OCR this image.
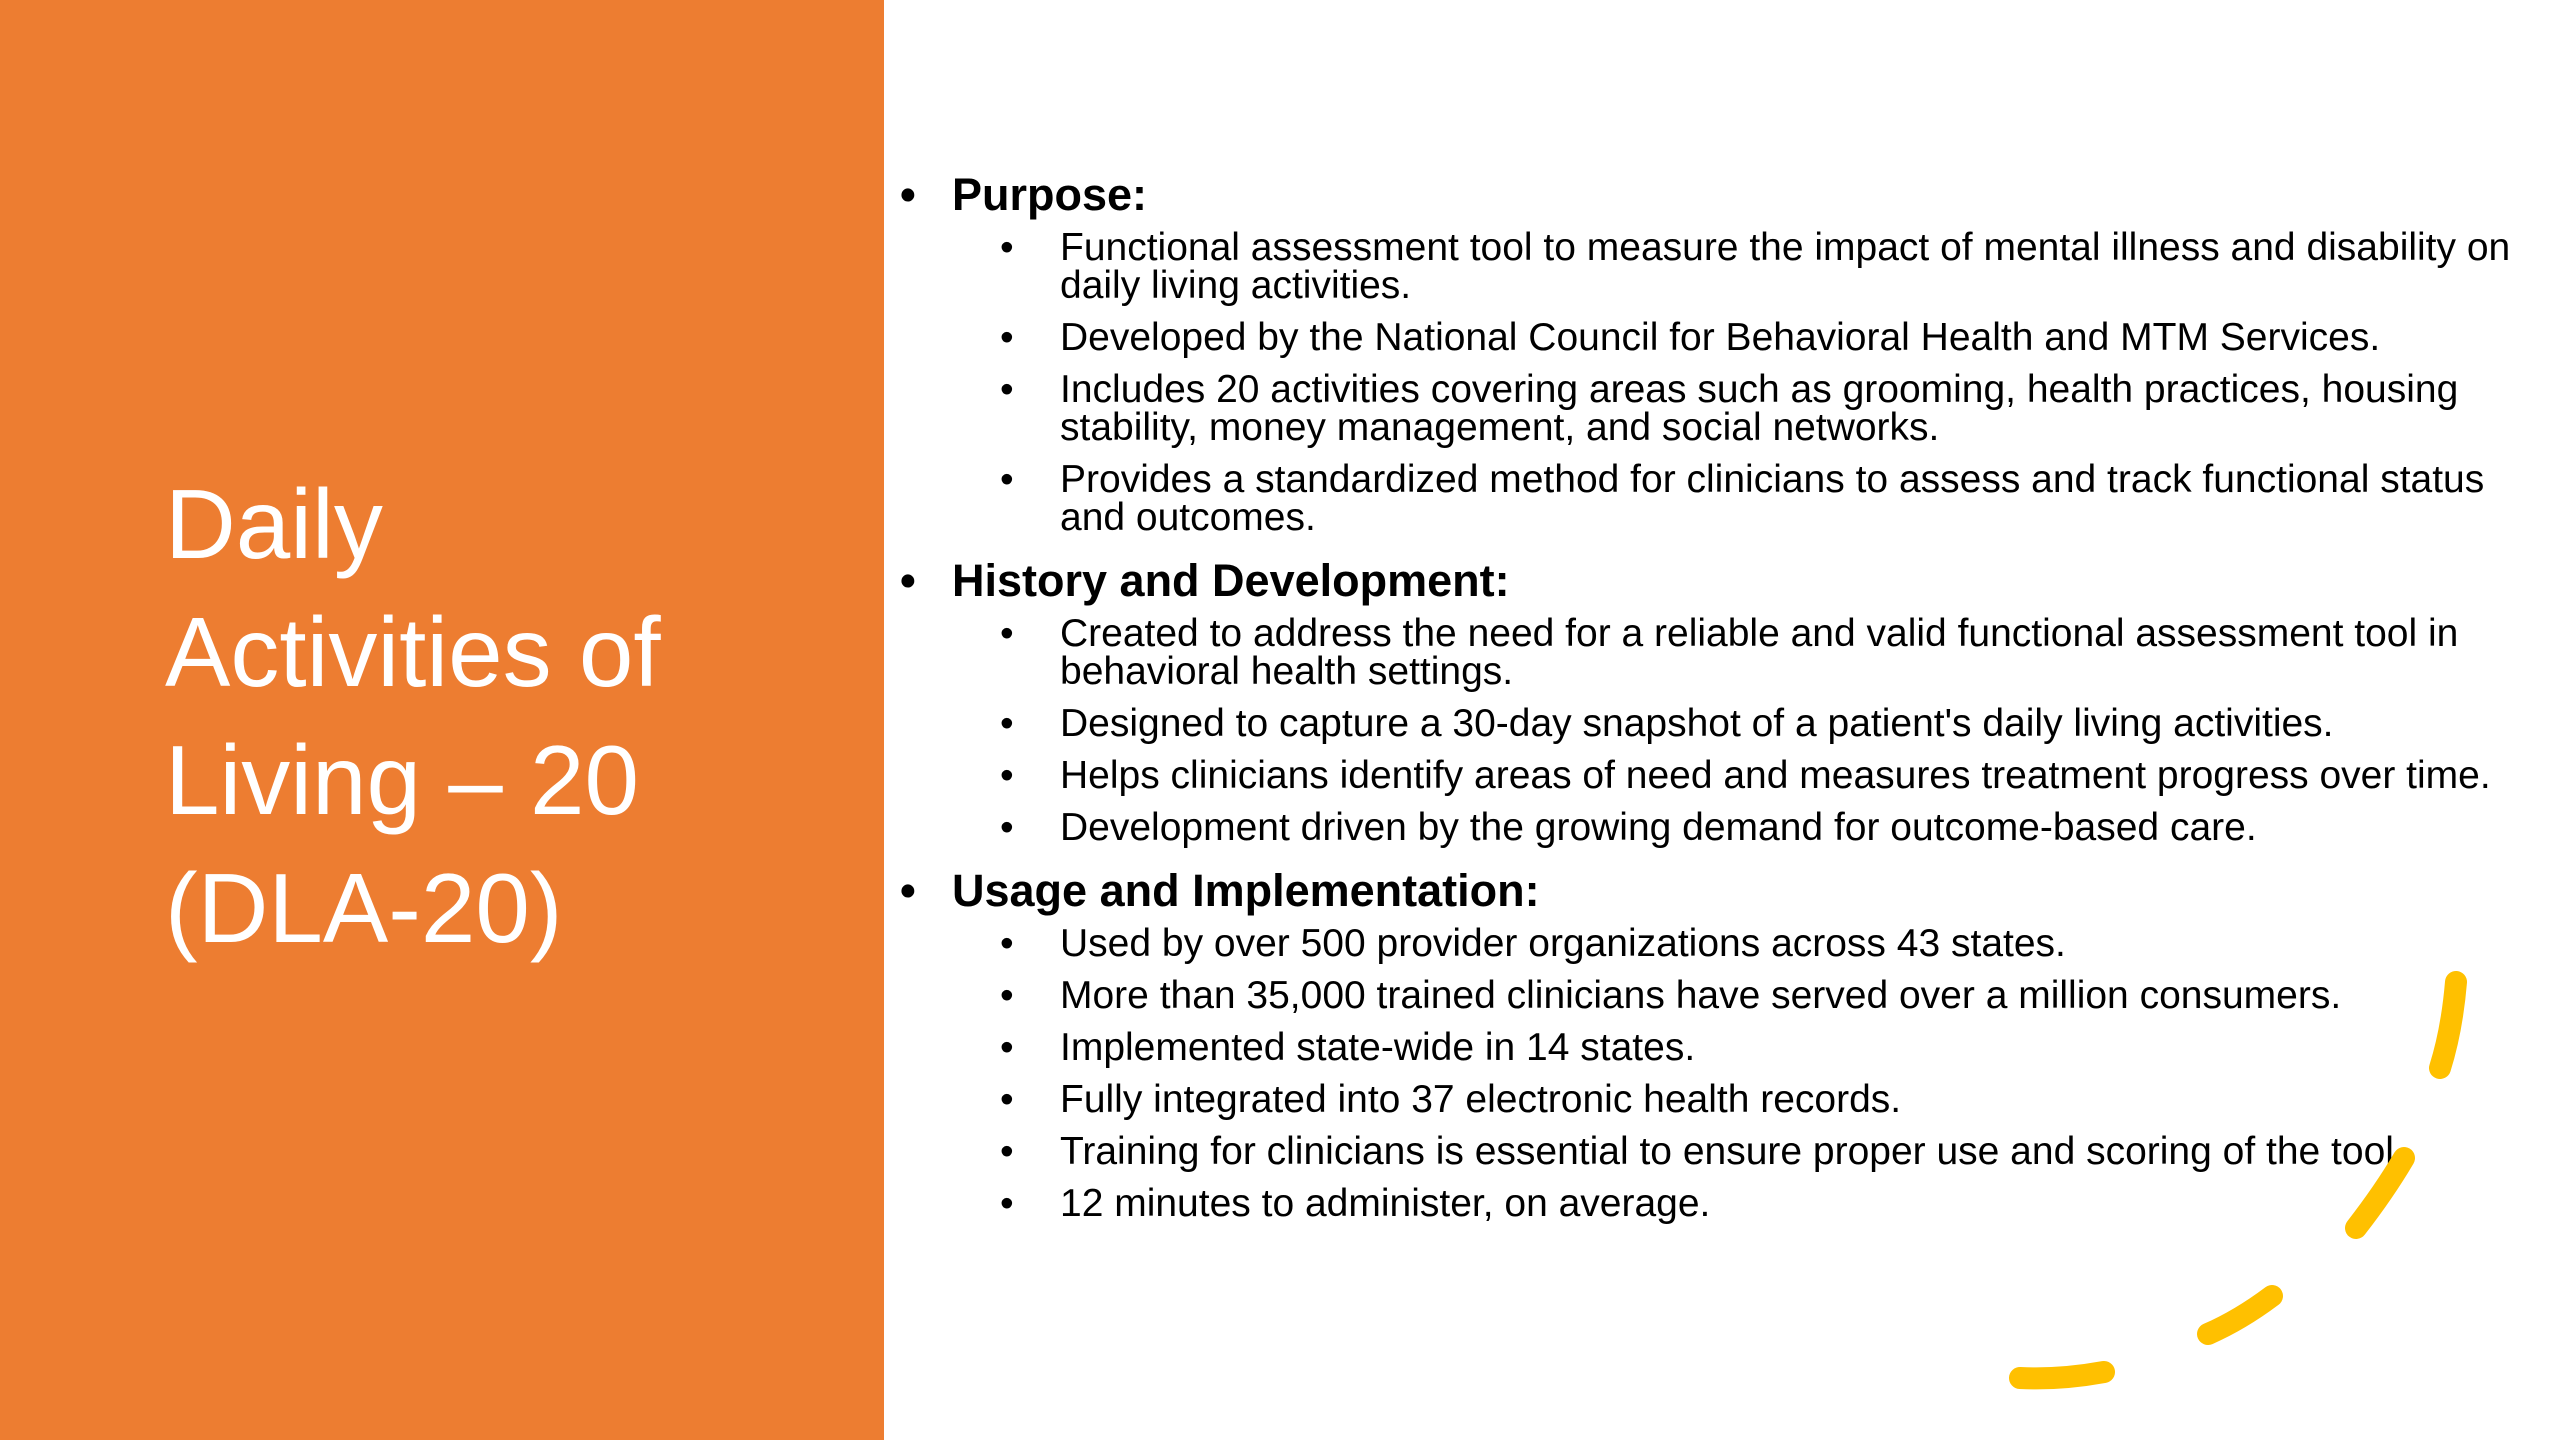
Daily
Activities of
Living – 20
(DLA-20)
• Purpose:
• Functional assessment tool to measure the impact of mental illness and disability on daily living activities.
• Developed by the National Council for Behavioral Health and MTM Services.
• Includes 20 activities covering areas such as grooming, health practices, housing stability, money management, and social networks.
• Provides a standardized method for clinicians to assess and track functional status and outcomes.
• History and Development:
• Created to address the need for a reliable and valid functional assessment tool in behavioral health settings.
• Designed to capture a 30-day snapshot of a patient's daily living activities.
• Helps clinicians identify areas of need and measures treatment progress over time.
• Development driven by the growing demand for outcome-based care.
• Usage and Implementation:
• Used by over 500 provider organizations across 43 states.
• More than 35,000 trained clinicians have served over a million consumers.
• Implemented state-wide in 14 states.
• Fully integrated into 37 electronic health records.
• Training for clinicians is essential to ensure proper use and scoring of the tool.
• 12 minutes to administer, on average.
